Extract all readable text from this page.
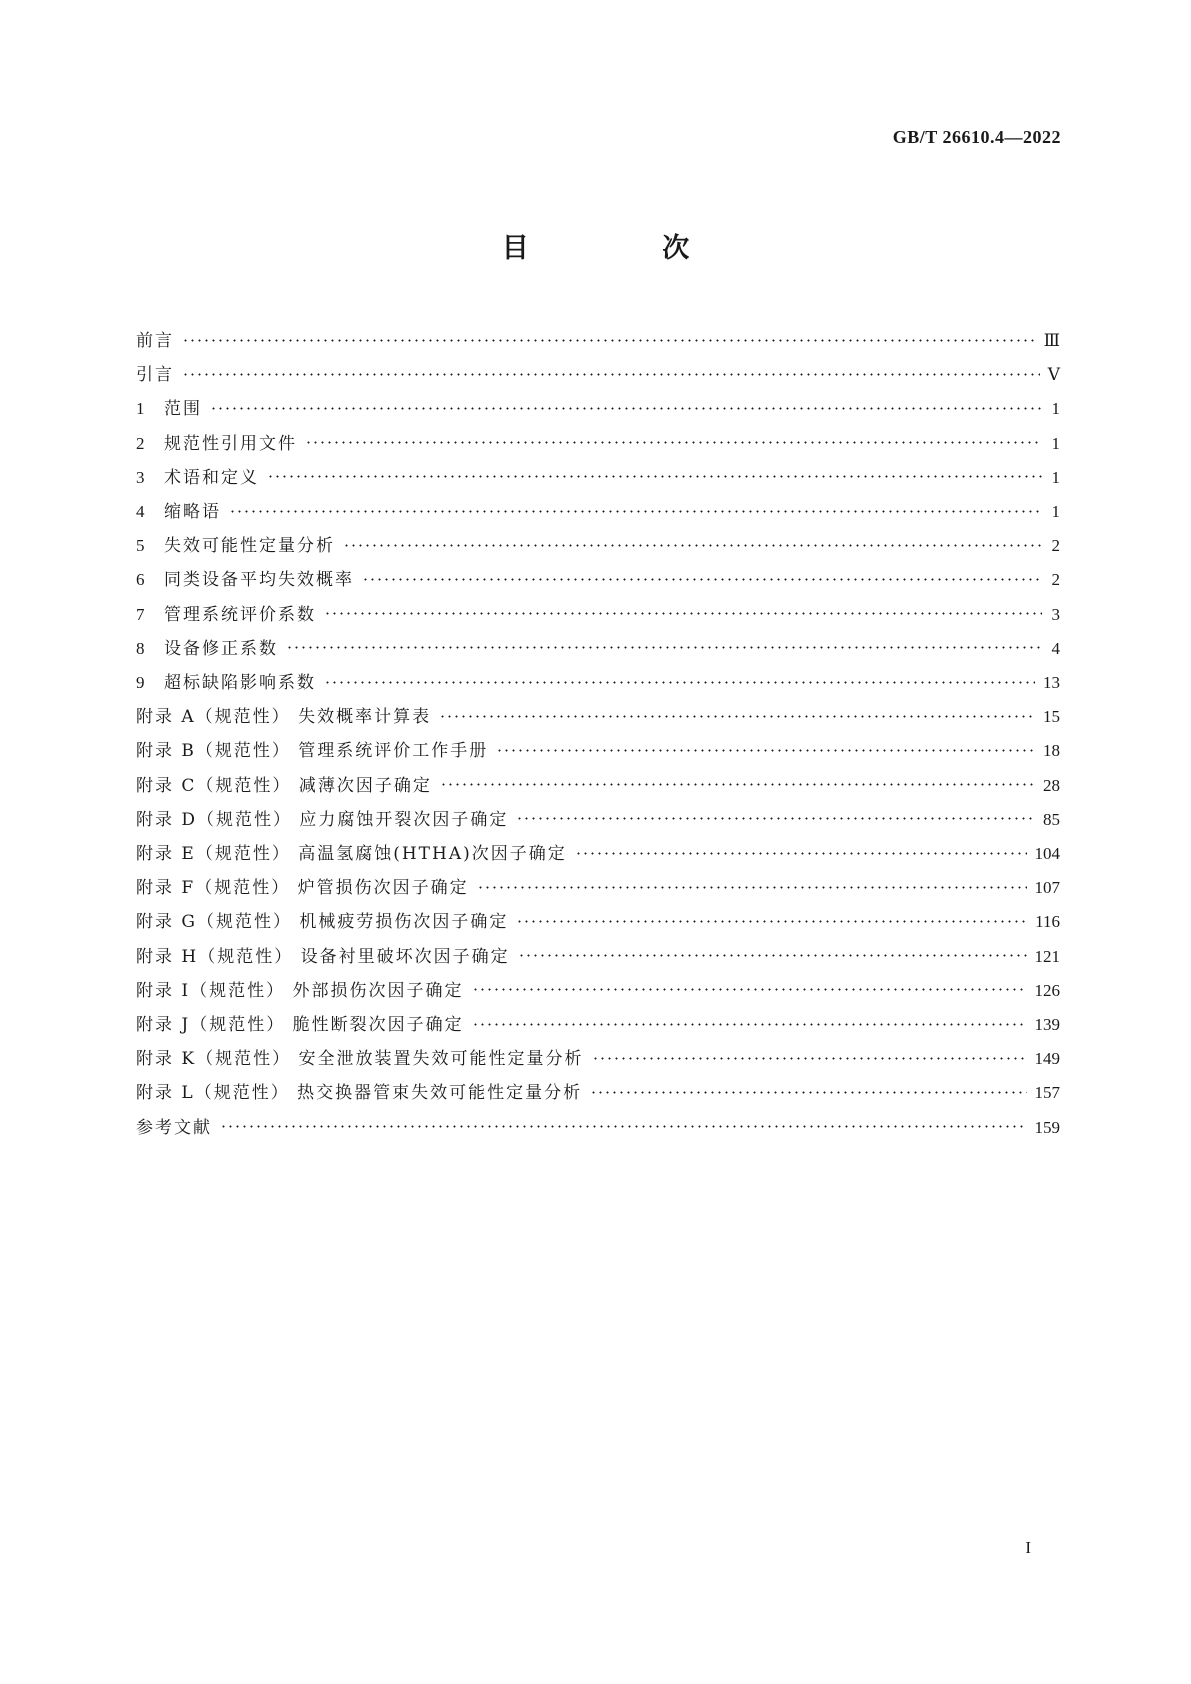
GB/T 26610.4—2022
目 次
前言	Ⅲ
引言	Ⅴ
1	范围	1
2	规范性引用文件	1
3	术语和定义	1
4	缩略语	1
5	失效可能性定量分析	2
6	同类设备平均失效概率	2
7	管理系统评价系数	3
8	设备修正系数	4
9	超标缺陷影响系数	13
附录 A（规范性） 失效概率计算表	15
附录 B（规范性） 管理系统评价工作手册	18
附录 C（规范性） 减薄次因子确定	28
附录 D（规范性） 应力腐蚀开裂次因子确定	85
附录 E（规范性） 高温氢腐蚀(HTHA)次因子确定	104
附录 F（规范性） 炉管损伤次因子确定	107
附录 G（规范性） 机械疲劳损伤次因子确定	116
附录 H（规范性） 设备衬里破坏次因子确定	121
附录 I（规范性） 外部损伤次因子确定	126
附录 J（规范性） 脆性断裂次因子确定	139
附录 K（规范性） 安全泄放装置失效可能性定量分析	149
附录 L（规范性） 热交换器管束失效可能性定量分析	157
参考文献	159
I
